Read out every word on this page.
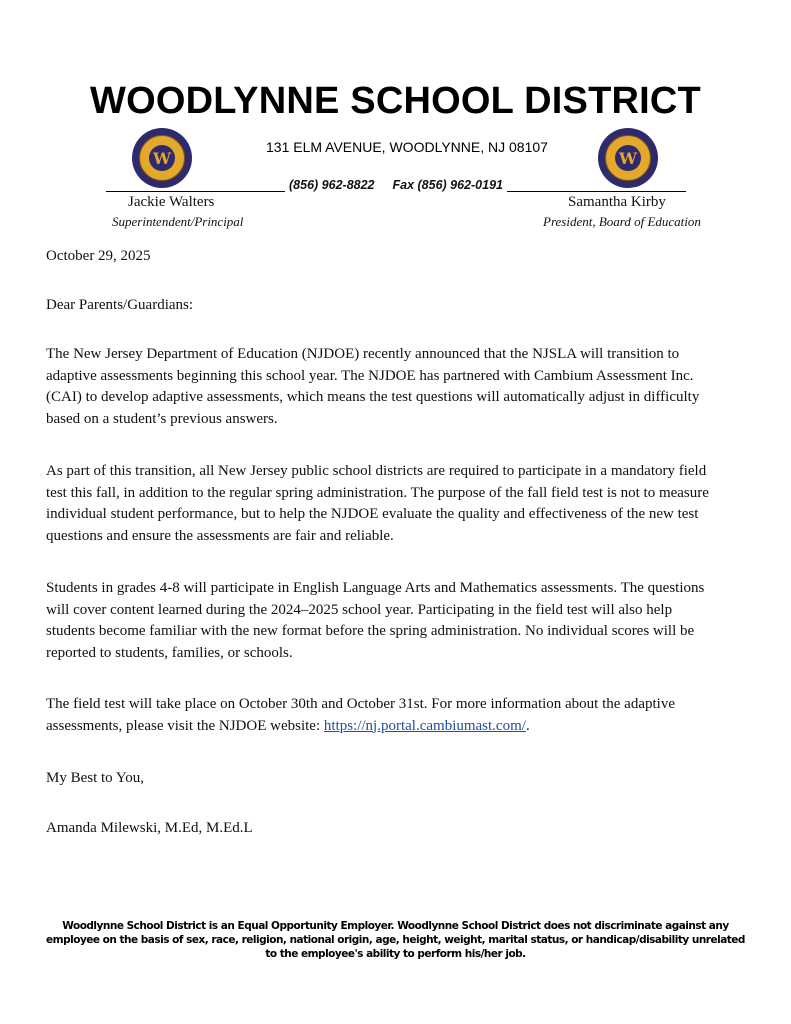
WOODLYNNE SCHOOL DISTRICT
W	W
131 ELM AVENUE, WOODLYNNE, NJ 08107
(856) 962-8822	Fax (856) 962-0191
Jackie Walters
Superintendent/Principal
Samantha Kirby
President, Board of Education
October 29, 2025
Dear Parents/Guardians:
The New Jersey Department of Education (NJDOE) recently announced that the NJSLA will transition to
adaptive assessments beginning this school year. The NJDOE has partnered with Cambium Assessment Inc.
(CAI) to develop adaptive assessments, which means the test questions will automatically adjust in difficulty
based on a student’s previous answers.
As part of this transition, all New Jersey public school districts are required to participate in a mandatory field
test this fall, in addition to the regular spring administration. The purpose of the fall field test is not to measure
individual student performance, but to help the NJDOE evaluate the quality and effectiveness of the new test
questions and ensure the assessments are fair and reliable.
Students in grades 4-8 will participate in English Language Arts and Mathematics assessments. The questions
will cover content learned during the 2024–2025 school year. Participating in the field test will also help
students become familiar with the new format before the spring administration. No individual scores will be
reported to students, families, or schools.
The field test will take place on October 30th and October 31st. For more information about the adaptive
assessments, please visit the NJDOE website: https://nj.portal.cambiumast.com/.
My Best to You,
Amanda Milewski, M.Ed, M.Ed.L
Woodlynne School District is an Equal Opportunity Employer. Woodlynne School District does not discriminate against any employee on the basis of sex, race, religion, national origin, age, height, weight, marital status, or handicap/disability unrelated to the employee's ability to perform his/her job.
